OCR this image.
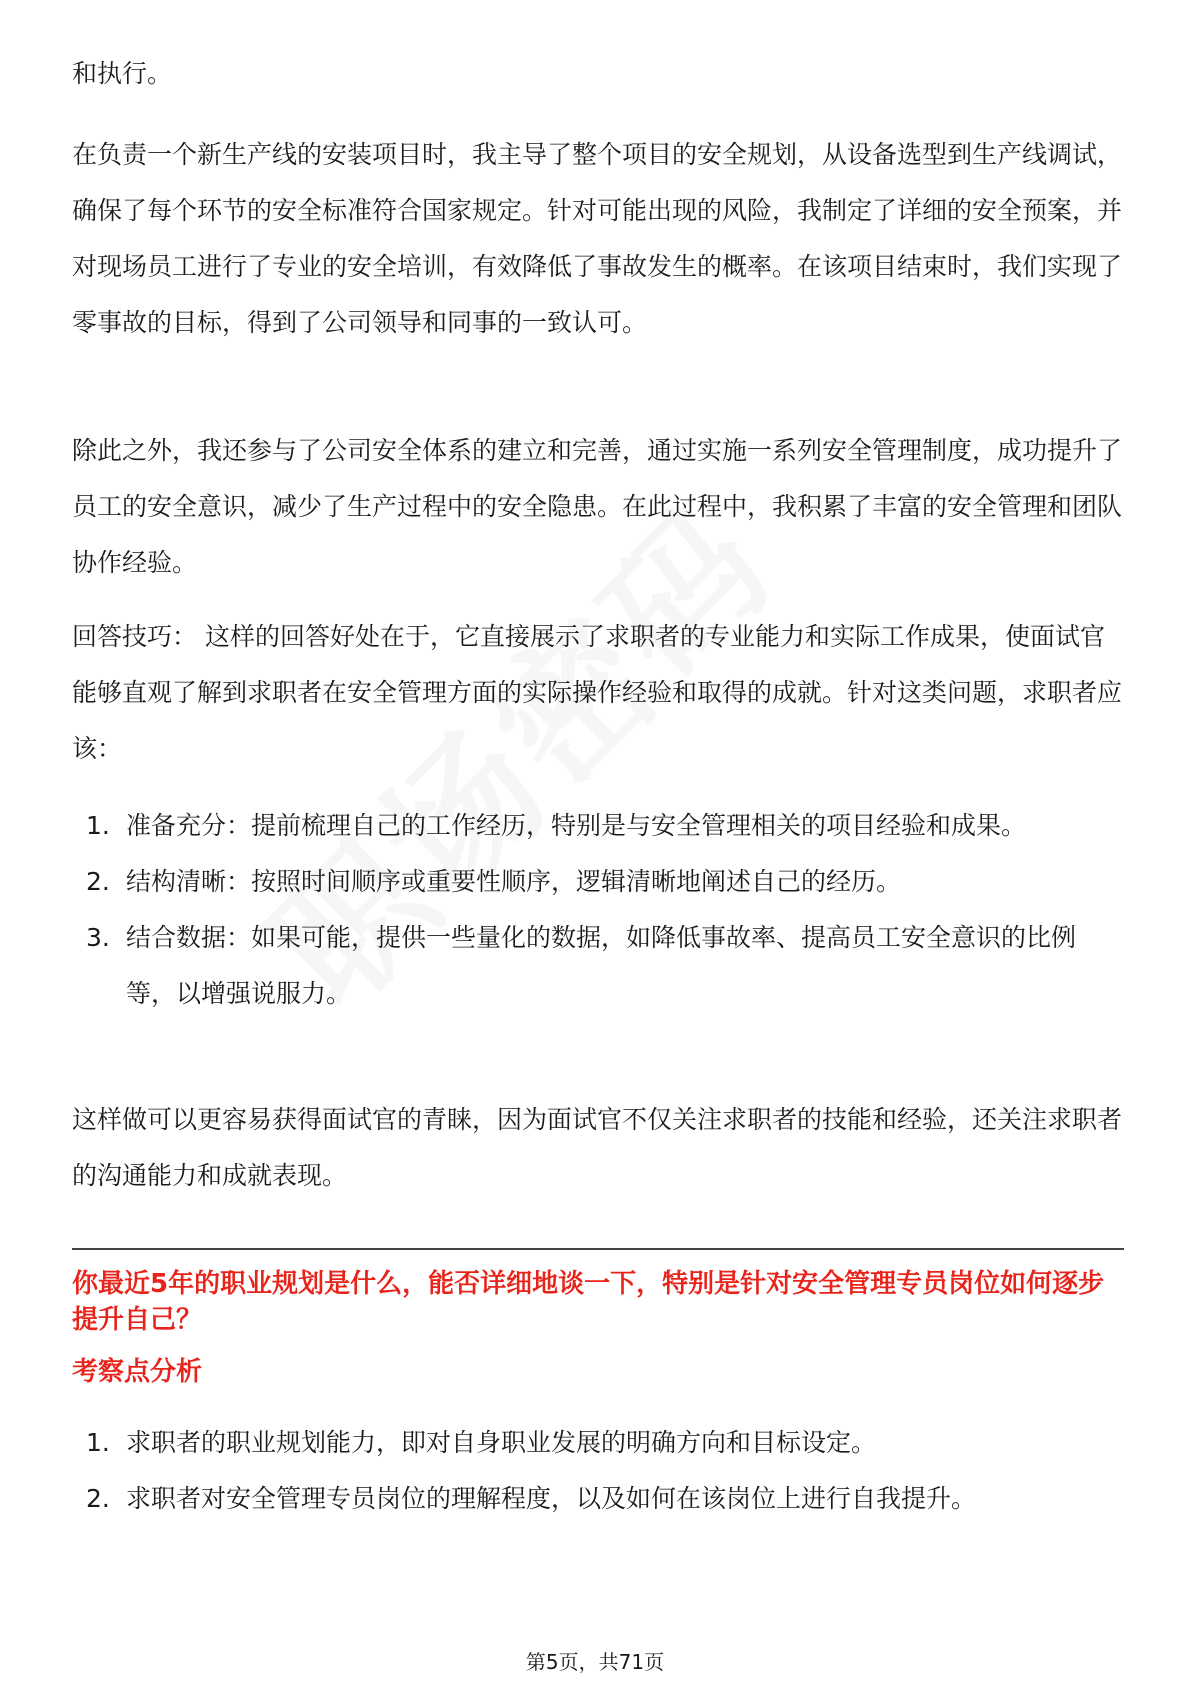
和执行。

在负责一个新生产线的安装项目时，我主导了整个项目的安全规划，从设备选型到生产线调试，确保了每个环节的安全标准符合国家规定。针对可能出现的风险，我制定了详细的安全预案，并对现场员工进行了专业的安全培训，有效降低了事故发生的概率。在该项目结束时，我们实现了零事故的目标，得到了公司领导和同事的一致认可。

除此之外，我还参与了公司安全体系的建立和完善，通过实施一系列安全管理制度，成功提升了员工的安全意识，减少了生产过程中的安全隐患。在此过程中，我积累了丰富的安全管理和团队协作经验。

回答技巧： 这样的回答好处在于，它直接展示了求职者的专业能力和实际工作成果，使面试官能够直观了解到求职者在安全管理方面的实际操作经验和取得的成就。针对这类问题，求职者应该：

1. 准备充分：提前梳理自己的工作经历，特别是与安全管理相关的项目经验和成果。
2. 结构清晰：按照时间顺序或重要性顺序，逻辑清晰地阐述自己的经历。
3. 结合数据：如果可能，提供一些量化的数据，如降低事故率、提高员工安全意识的比例等，以增强说服力。

这样做可以更容易获得面试官的青睐，因为面试官不仅关注求职者的技能和经验，还关注求职者的沟通能力和成就表现。

你最近5年的职业规划是什么，能否详细地谈一下，特别是针对安全管理专员岗位如何逐步提升自己？

考察点分析

1. 求职者的职业规划能力，即对自身职业发展的明确方向和目标设定。
2. 求职者对安全管理专员岗位的理解程度，以及如何在该岗位上进行自我提升。
第5页，共71页
